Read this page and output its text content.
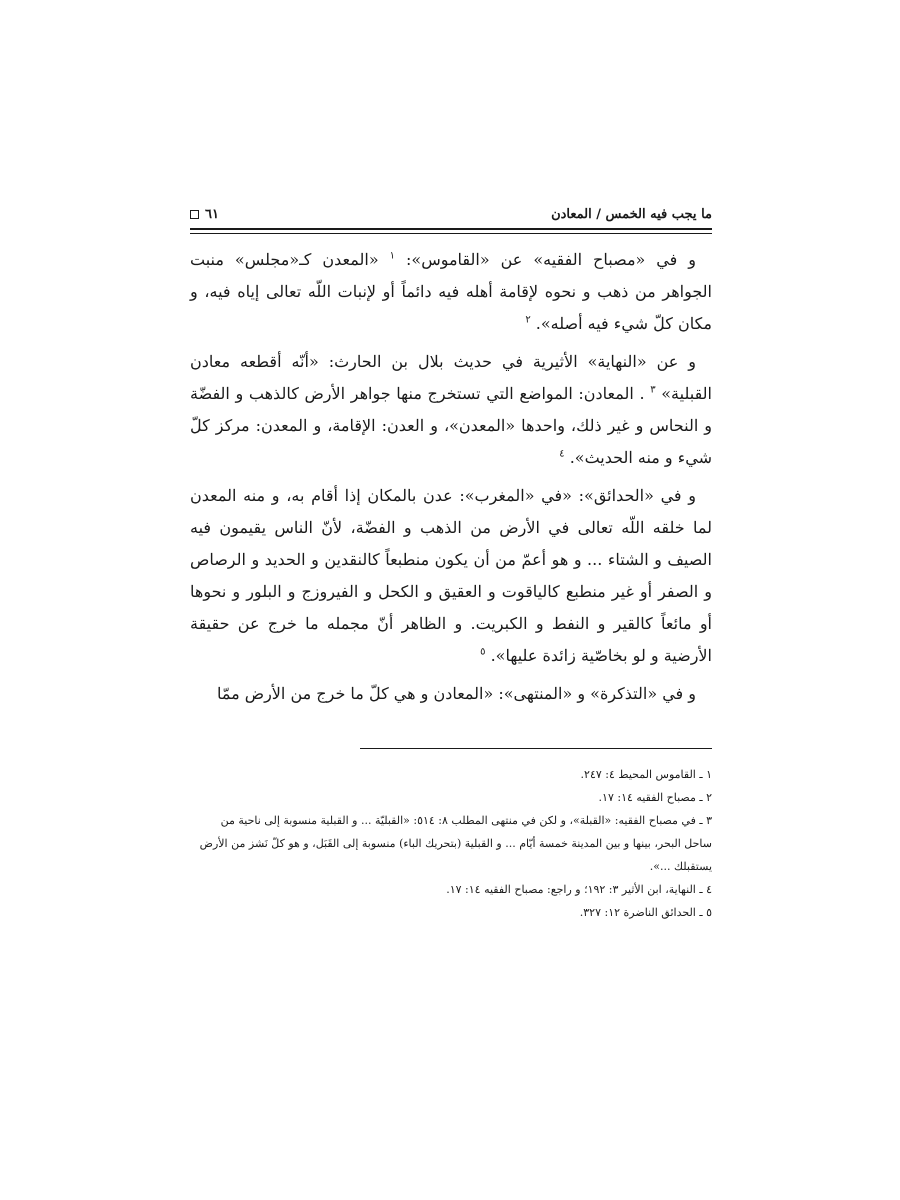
ما يجب فيه الخمس / المعادن
٦١

و في «مصباح الفقيه» عن «القاموس»: $^١$ «المعدن كـ«مجلس» منبت الجواهر من ذهب و نحوه لإقامة أهله فيه دائماً أو لإنبات اللّه تعالى إياه فيه، و مكان كلّ شيء فيه أصله». $^٢$

و عن «النهاية» الأثيرية في حديث بلال بن الحارث: «أنّه أقطعه معادن القبلية» $^٣$ . المعادن: المواضع التي تستخرج منها جواهر الأرض كالذهب و الفضّة و النحاس و غير ذلك، واحدها «المعدن»، و العدن: الإقامة، و المعدن: مركز كلّ شيء و منه الحديث». $^٤$

و في «الحدائق»: «في «المغرب»: عدن بالمكان إذا أقام به، و منه المعدن لما خلقه اللّه تعالى في الأرض من الذهب و الفضّة، لأنّ الناس يقيمون فيه الصيف و الشتاء ... و هو أعمّ من أن يكون منطبعاً كالنقدين و الحديد و الرصاص و الصفر أو غير منطبع كالياقوت و العقيق و الكحل و الفيروزج و البلور و نحوها أو مائعاً كالقير و النفط و الكبريت. و الظاهر أنّ مجمله ما خرج عن حقيقة الأرضية و لو بخاصّية زائدة عليها». $^٥$

و في «التذكرة» و «المنتهى»: «المعادن و هي كلّ ما خرج من الأرض ممّا

١ ـ القاموس المحيط ٤: ٢٤٧.

٢ ـ مصباح الفقيه ١٤: ١٧.

٣ ـ في مصباح الفقيه: «القبلة»، و لكن في منتهى المطلب ٨: ٥١٤: «القبليّة ... و القبلية منسوبة إلى ناحية من ساحل البحر، بينها و بين المدينة خمسة أيّام ... و القبلية (بتحريك الباء) منسوبة إلى القَبَل، و هو كلّ نَشز من الأرض يستقبلك ...».

٤ ـ النهاية، ابن الأثير ٣: ١٩٢؛ و راجع: مصباح الفقيه ١٤: ١٧.

٥ ـ الحدائق الناضرة ١٢: ٣٢٧.
